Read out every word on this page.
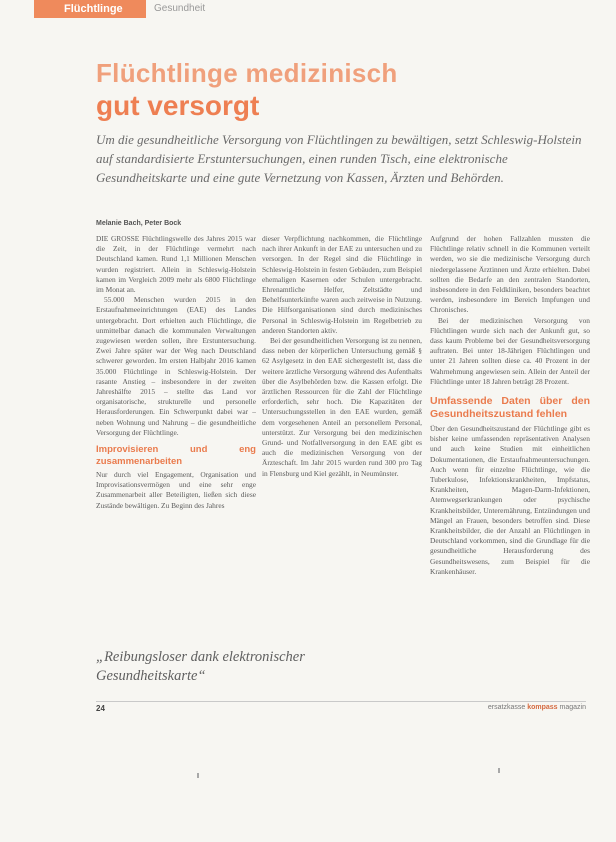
Flüchtlinge	Gesundheit
Flüchtlinge medizinisch
gut versorgt
Um die gesundheitliche Versorgung von Flüchtlingen zu bewältigen, setzt Schleswig-Holstein auf standardisierte Erstuntersuchungen, einen runden Tisch, eine elektronische Gesundheitskarte und eine gute Vernetzung von Kassen, Ärzten und Behörden.
Melanie Bach, Peter Bock

DIE GROSSE Flüchtlingswelle des Jahres 2015 war die Zeit, in der Flüchtlinge vermehrt nach Deutschland kamen. Rund 1,1 Millionen Menschen wurden registriert. Allein in Schleswig-Holstein kamen im Vergleich 2009 mehr als 6800 Flüchtlinge im Monat an.

55.000 Menschen wurden 2015 in den Erstaufnahmeeinrichtungen (EAE) des Landes untergebracht. Dort erhielten auch Flüchtlinge, die unmittelbar danach die kommunalen Verwaltungen zugewiesen werden sollen, ihre Erstuntersuchung. Zwei Jahre später war der Weg nach Deutschland schwerer geworden. Im ersten Halbjahr 2016 kamen 35.000 Flüchtlinge in Schleswig-Holstein. Der rasante Anstieg – insbesondere in der zweiten Jahreshälfte 2015 – stellte das Land vor organisatorische, strukturelle und personelle Herausforderungen. Ein Schwerpunkt dabei war – neben Wohnung und Nahrung – die gesundheitliche Versorgung der Flüchtlinge.

Improvisieren und eng zusammenarbeiten

Nur durch viel Engagement, Organisation und Improvisationsvermögen und eine sehr enge Zusammenarbeit aller Beteiligten, ließen sich diese Zustände bewältigen. Zu Beginn des Jahres

dieser Verpflichtung nachkommen, die Flüchtlinge nach ihrer Ankunft in der EAE zu untersuchen und zu versorgen. In der Regel sind die Flüchtlinge in Schleswig-Holstein in festen Gebäuden, zum Beispiel ehemaligen Kasernen oder Schulen untergebracht. Ehrenamtliche Helfer, Zeltstädte und Behelfsunterkünfte waren auch zeitweise in Nutzung. Die Hilfsorganisationen sind durch medizinisches Personal in Schleswig-Holstein im Regelbetrieb zu anderen Standorten aktiv.

Bei der gesundheitlichen Versorgung ist zu nennen, dass neben der körperlichen Untersuchung gemäß § 62 Asylgesetz in den EAE sichergestellt ist, dass die weitere ärztliche Versorgung während des Aufenthalts über die Asylbehörden bzw. die Kassen erfolgt. Die ärztlichen Ressourcen für die Zahl der Flüchtlinge erforderlich, sehr hoch. Die Kapazitäten der Untersuchungsstellen in den EAE wurden, gemäß dem vorgesehenen Anteil an personellem Personal, unterstützt. Zur Versorgung bei den medizinischen Grund- und Notfallversorgung in den EAE gibt es auch die medizinischen Versorgung von der Ärzteschaft. Im Jahr 2015 wurden rund 300 pro Tag in Flensburg und Kiel gezählt, in Neumünster.

Aufgrund der hohen Fallzahlen mussten die Flüchtlinge relativ schnell in die Kommunen verteilt werden, wo sie die medizinische Versorgung durch niedergelassene Ärztinnen und Ärzte erhielten. Dabei sollten die Bedarfe an den zentralen Standorten, insbesondere in den Feldkliniken, besonders beachtet werden, insbesondere im Bereich Impfungen und Chronisches.

Bei der medizinischen Versorgung von Flüchtlingen wurde sich nach der Ankunft gut, so dass kaum Probleme bei der Gesundheitsversorgung auftraten. Bei unter 18-Jährigen Flüchtlingen und unter 21 Jahren sollten diese ca. 40 Prozent in der Wahrnehmung angewiesen sein. Allein der Anteil der Flüchtlinge unter 18 Jahren beträgt 28 Prozent.

Umfassende Daten über den Gesundheitszustand fehlen

Über den Gesundheitszustand der Flüchtlinge gibt es bisher keine umfassenden repräsentativen Analysen und auch keine Studien mit einheitlichen Dokumentationen, die Erstaufnahmeuntersuchungen. Auch wenn für einzelne Flüchtlinge, wie die Tuberkulose, Infektionskrankheiten, Impfstatus, Krankheiten, Magen-Darm-Infektionen, Atemwegserkrankungen oder psychische Krankheitsbilder, Unterernährung, Entzündungen und Mängel an Frauen, besonders betroffen sind. Diese Krankheitsbilder, die der Anzahl an Flüchtlingen in Deutschland vorkommen, sind die Grundlage für die gesundheitliche Herausforderung des Gesundheitswesens, zum Beispiel für die Krankenhäuser.

„Reibungsloser dank elektronischer Gesundheitskarte“
24	ersatzkasse kompass magazin
